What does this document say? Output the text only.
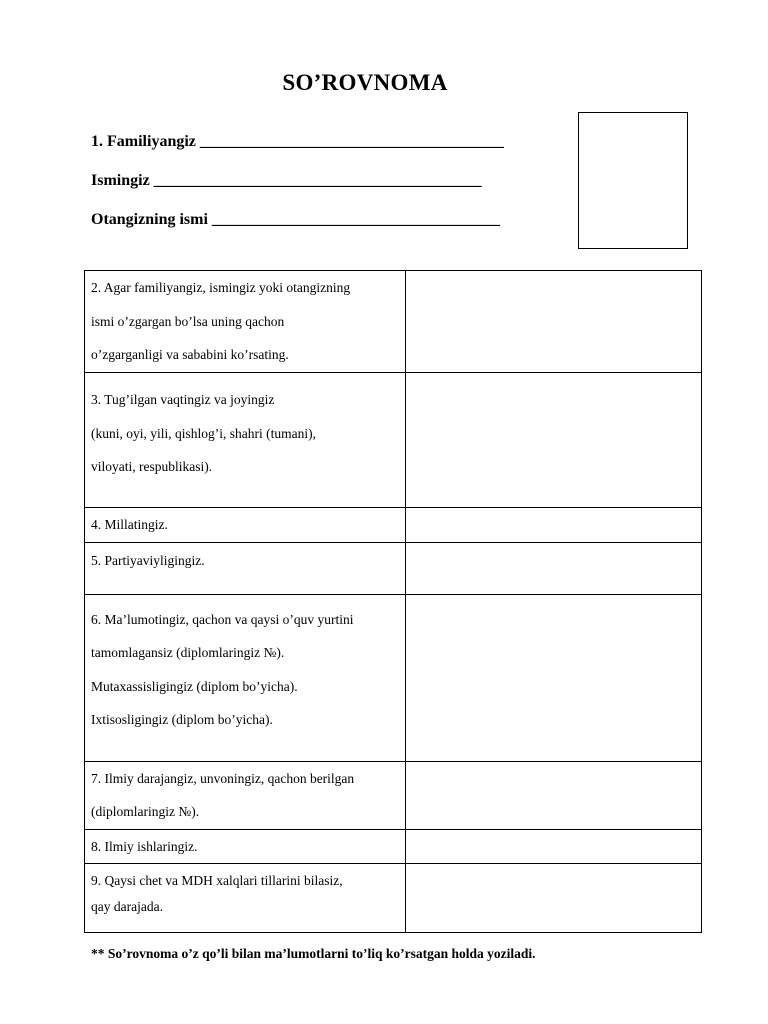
SO’ROVNOMA
1. Familiyangiz ______________________________________
Ismingiz _________________________________________
Otangizning ismi ____________________________________
2. Agar familiyangiz, ismingiz yoki otangizning
ismi o’zgargan bo’lsa uning qachon
o’zgarganligi va sababini ko’rsating.	

3. Tug’ilgan vaqtingiz va joyingiz
(kuni, oyi, yili, qishlog’i, shahri (tumani),
viloyati, respublikasi).	

4. Millatingiz.	

5. Partiyaviyligingiz.	

6. Ma’lumotingiz, qachon va qaysi o’quv yurtini
tamomlagansiz (diplomlaringiz №).
Mutaxassisligingiz (diplom bo’yicha).
Ixtisosligingiz (diplom bo’yicha).	

7. Ilmiy darajangiz, unvoningiz, qachon berilgan
(diplomlaringiz №).	

8. Ilmiy ishlaringiz.	

9. Qaysi chet va MDH xalqlari tillarini bilasiz,
qay darajada.	

** So’rovnoma o’z qo’li bilan ma’lumotlarni to’liq ko’rsatgan holda yoziladi.
